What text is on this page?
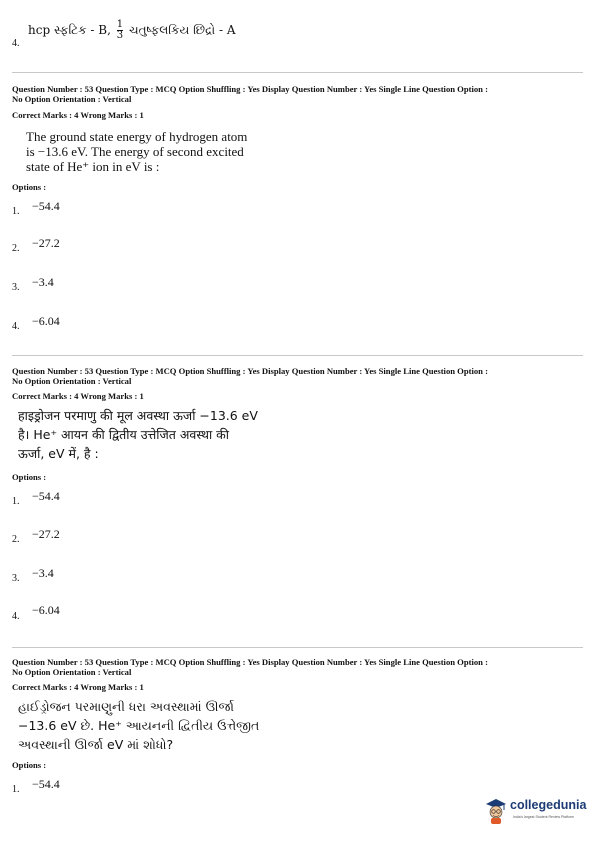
4.
hcp સ્ફટિક - B, $\frac{1}{3}$ ચતુષ્ફલકિય છિદ્રો - A
Question Number : 53 Question Type : MCQ Option Shuffling : Yes Display Question Number : Yes Single Line Question Option :
No Option Orientation : Vertical
Correct Marks : 4 Wrong Marks : 1
The ground state energy of hydrogen atom
is −13.6 eV. The energy of second excited
state of He⁺ ion in eV is :
Options :
1. −54.4
2. −27.2
3. −3.4
4. −6.04
Question Number : 53 Question Type : MCQ Option Shuffling : Yes Display Question Number : Yes Single Line Question Option :
No Option Orientation : Vertical
Correct Marks : 4 Wrong Marks : 1
हाइड्रोजन परमाणु की मूल अवस्था ऊर्जा −13.6 eV
है। He⁺ आयन की द्वितीय उत्तेजित अवस्था की
ऊर्जा, eV में, है :
Options :
1. −54.4
2. −27.2
3. −3.4
4. −6.04
Question Number : 53 Question Type : MCQ Option Shuffling : Yes Display Question Number : Yes Single Line Question Option :
No Option Orientation : Vertical
Correct Marks : 4 Wrong Marks : 1
હાઈડ્રોજન પરમાણુની ધરા અવસ્થામાં ઊર્જા
−13.6 eV છે. He⁺ આયનની દ્વિતીય ઉત્તેજીત
અવસ્થાની ઊર્જા eV માં શોધો?
Options :
1. −54.4
collegedunia
India's largest Student Review Platform
